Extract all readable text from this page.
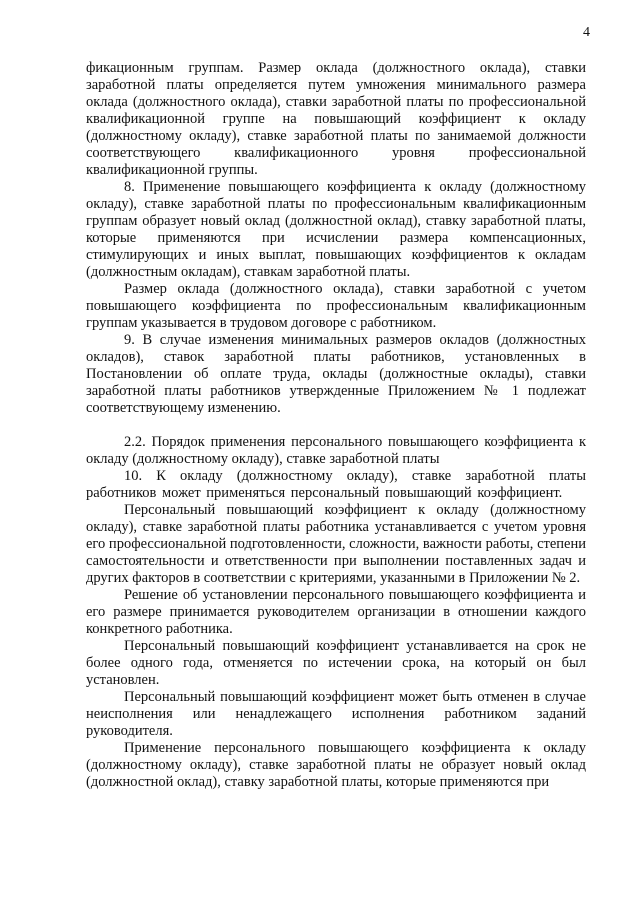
4

фикационным группам. Размер оклада (должностного оклада), ставки заработной платы определяется путем умножения минимального размера оклада (должностного оклада), ставки заработной платы по профессиональной квалификационной группе на повышающий коэффициент к окладу (должностному окладу), ставке заработной платы по занимаемой должности соответствующего квалификационного уровня профессиональной квалификационной группы.

8. Применение повышающего коэффициента к окладу (должностному окладу), ставке заработной платы по профессиональным квалификационным группам образует новый оклад (должностной оклад), ставку заработной платы, которые применяются при исчислении размера компенсационных, стимулирующих и иных выплат, повышающих коэффициентов к окладам (должностным окладам), ставкам заработной платы.

Размер оклада (должностного оклада), ставки заработной с учетом повышающего коэффициента по профессиональным квалификационным группам указывается в трудовом договоре с работником.

9. В случае изменения минимальных размеров окладов (должностных окладов), ставок заработной платы работников, установленных в Постановлении об оплате труда, оклады (должностные оклады), ставки заработной платы работников утвержденные Приложением № 1 подлежат соответствующему изменению.

2.2. Порядок применения персонального повышающего коэффициента к окладу (должностному окладу), ставке заработной платы

10. К окладу (должностному окладу), ставке заработной платы работников может применяться персональный повышающий коэффициент.

Персональный повышающий коэффициент к окладу (должностному окладу), ставке заработной платы работника устанавливается с учетом уровня его профессиональной подготовленности, сложности, важности работы, степени самостоятельности и ответственности при выполнении поставленных задач и других факторов в соответствии с критериями, указанными в Приложении № 2.

Решение об установлении персонального повышающего коэффициента и его размере принимается руководителем организации в отношении каждого конкретного работника.

Персональный повышающий коэффициент устанавливается на срок не более одного года, отменяется по истечении срока, на который он был установлен.

Персональный повышающий коэффициент может быть отменен в случае неисполнения или ненадлежащего исполнения работником заданий руководителя.

Применение персонального повышающего коэффициента к окладу (должностному окладу), ставке заработной платы не образует новый оклад (должностной оклад), ставку заработной платы, которые применяются при
